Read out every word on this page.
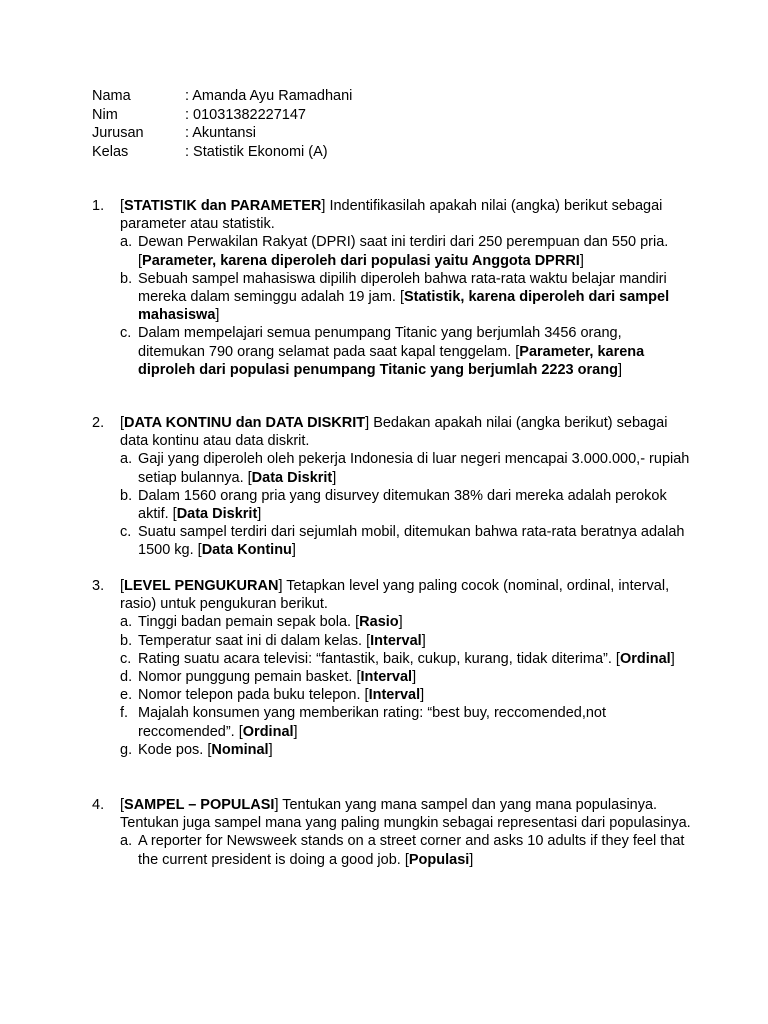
Nama	: Amanda Ayu Ramadhani
Nim	: 01031382227147
Jurusan	: Akuntansi
Kelas	: Statistik Ekonomi (A)
1.	[STATISTIK dan PARAMETER] Indentifikasilah apakah nilai (angka) berikut sebagai parameter atau statistik.
a. Dewan Perwakilan Rakyat (DPRI) saat ini terdiri dari 250 perempuan dan 550 pria. [Parameter, karena diperoleh dari populasi yaitu Anggota DPRRI]
b. Sebuah sampel mahasiswa dipilih diperoleh bahwa rata-rata waktu belajar mandiri mereka dalam seminggu adalah 19 jam. [Statistik, karena diperoleh dari sampel mahasiswa]
c. Dalam mempelajari semua penumpang Titanic yang berjumlah 3456 orang, ditemukan 790 orang selamat pada saat kapal tenggelam. [Parameter, karena diproleh dari populasi penumpang Titanic yang berjumlah 2223 orang]
2.	[DATA KONTINU dan DATA DISKRIT] Bedakan apakah nilai (angka berikut) sebagai data kontinu atau data diskrit.
a. Gaji yang diperoleh oleh pekerja Indonesia di luar negeri mencapai 3.000.000,- rupiah setiap bulannya. [Data Diskrit]
b. Dalam 1560 orang pria yang disurvey ditemukan 38% dari mereka adalah perokok aktif. [Data Diskrit]
c. Suatu sampel terdiri dari sejumlah mobil, ditemukan bahwa rata-rata beratnya adalah 1500 kg. [Data Kontinu]
3.	[LEVEL PENGUKURAN] Tetapkan level yang paling cocok (nominal, ordinal, interval, rasio) untuk pengukuran berikut.
a. Tinggi badan pemain sepak bola. [Rasio]
b. Temperatur saat ini di dalam kelas. [Interval]
c. Rating suatu acara televisi: “fantastik, baik, cukup, kurang, tidak diterima”. [Ordinal]
d. Nomor punggung pemain basket. [Interval]
e. Nomor telepon pada buku telepon. [Interval]
f. Majalah konsumen yang memberikan rating: “best buy, reccomended,not reccomended”. [Ordinal]
g. Kode pos. [Nominal]
4.	[SAMPEL – POPULASI] Tentukan yang mana sampel dan yang mana populasinya. Tentukan juga sampel mana yang paling mungkin sebagai representasi dari populasinya.
a. A reporter for Newsweek stands on a street corner and asks 10 adults if they feel that the current president is doing a good job. [Populasi]
